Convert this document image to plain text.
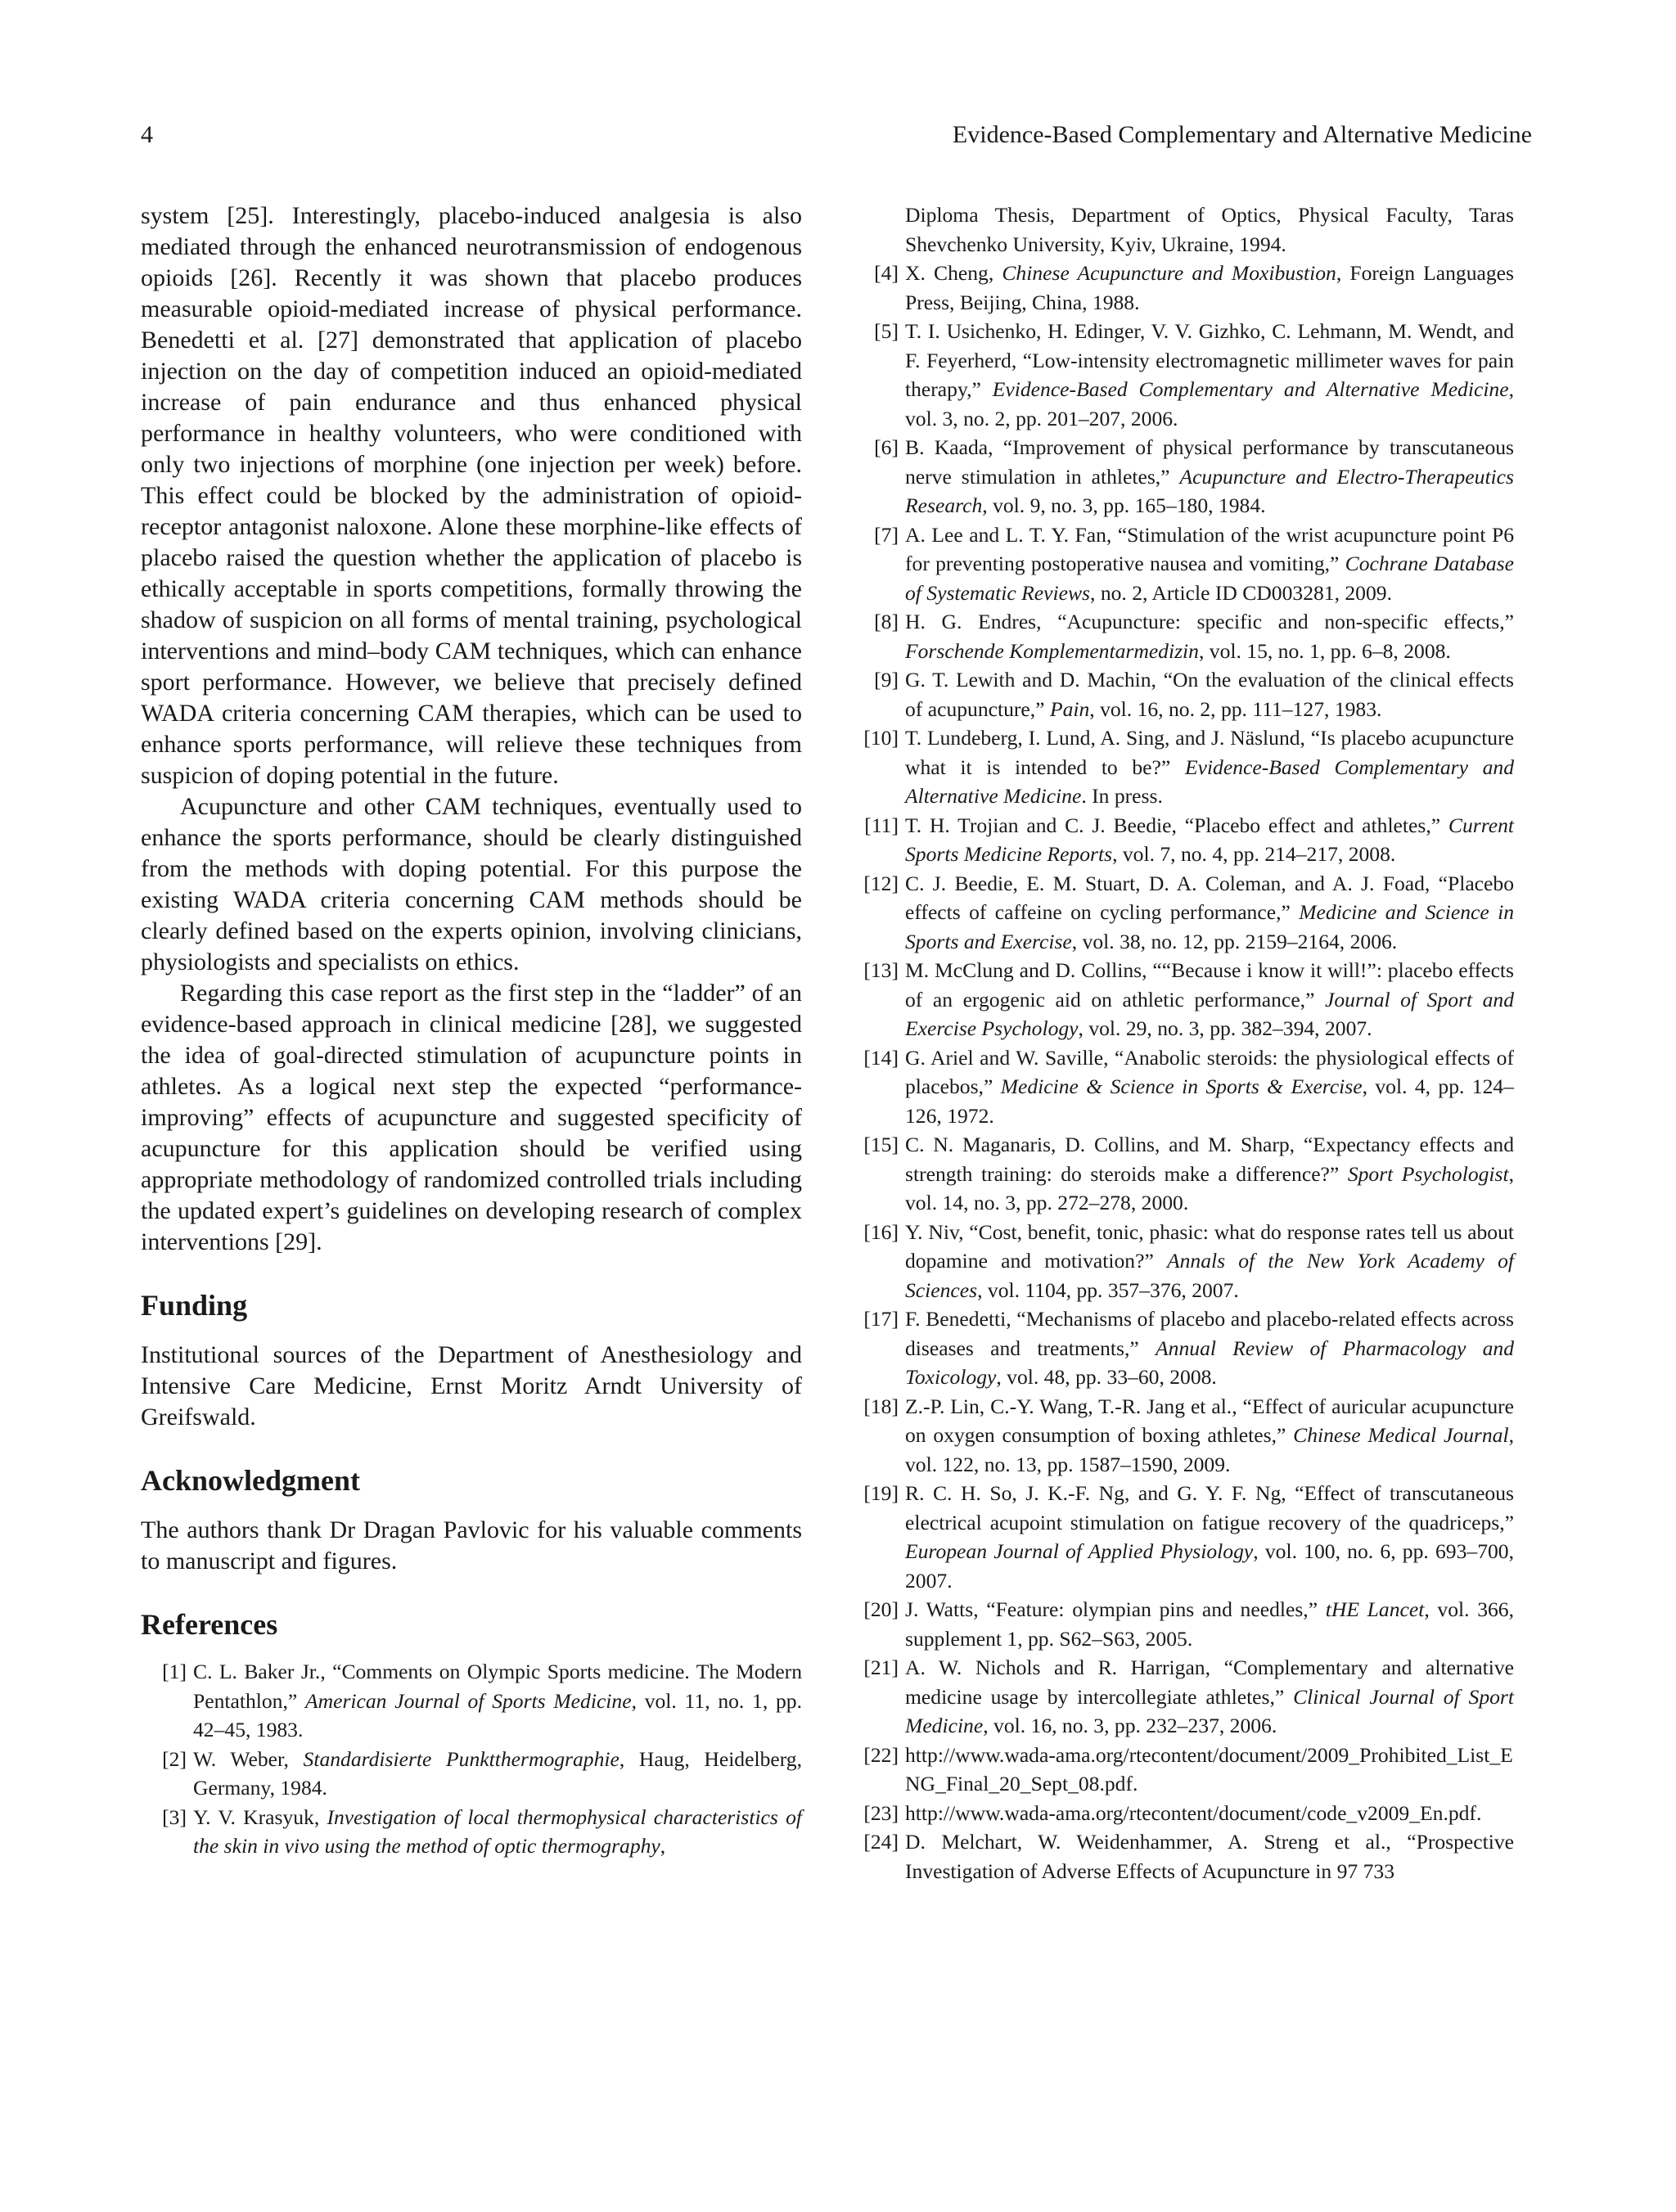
4	Evidence-Based Complementary and Alternative Medicine

system [25]. Interestingly, placebo-induced analgesia is also mediated through the enhanced neurotransmission of endogenous opioids [26]. Recently it was shown that placebo produces measurable opioid-mediated increase of physical performance. Benedetti et al. [27] demonstrated that application of placebo injection on the day of competition induced an opioid-mediated increase of pain endurance and thus enhanced physical performance in healthy volunteers, who were conditioned with only two injections of morphine (one injection per week) before. This effect could be blocked by the administration of opioid-receptor antagonist naloxone. Alone these morphine-like effects of placebo raised the question whether the application of placebo is ethically acceptable in sports competitions, formally throwing the shadow of suspicion on all forms of mental training, psychological interventions and mind–body CAM techniques, which can enhance sport performance. However, we believe that precisely defined WADA criteria concerning CAM therapies, which can be used to enhance sports performance, will relieve these techniques from suspicion of doping potential in the future.

Acupuncture and other CAM techniques, eventually used to enhance the sports performance, should be clearly distinguished from the methods with doping potential. For this purpose the existing WADA criteria concerning CAM methods should be clearly defined based on the experts opinion, involving clinicians, physiologists and specialists on ethics.

Regarding this case report as the first step in the “ladder” of an evidence-based approach in clinical medicine [28], we suggested the idea of goal-directed stimulation of acupuncture points in athletes. As a logical next step the expected “performance-improving” effects of acupuncture and suggested specificity of acupuncture for this application should be verified using appropriate methodology of randomized controlled trials including the updated expert’s guidelines on developing research of complex interventions [29].

Funding

Institutional sources of the Department of Anesthesiology and Intensive Care Medicine, Ernst Moritz Arndt University of Greifswald.

Acknowledgment

The authors thank Dr Dragan Pavlovic for his valuable comments to manuscript and figures.

References
[1] C. L. Baker Jr., “Comments on Olympic Sports medicine. The Modern Pentathlon,” American Journal of Sports Medicine, vol. 11, no. 1, pp. 42–45, 1983.
[2] W. Weber, Standardisierte Punktthermographie, Haug, Heidelberg, Germany, 1984.
[3] Y. V. Krasyuk, Investigation of local thermophysical characteristics of the skin in vivo using the method of optic thermography,
Diploma Thesis, Department of Optics, Physical Faculty, Taras Shevchenko University, Kyiv, Ukraine, 1994.
[4] X. Cheng, Chinese Acupuncture and Moxibustion, Foreign Languages Press, Beijing, China, 1988.
[5] T. I. Usichenko, H. Edinger, V. V. Gizhko, C. Lehmann, M. Wendt, and F. Feyerherd, “Low-intensity electromagnetic millimeter waves for pain therapy,” Evidence-Based Complementary and Alternative Medicine, vol. 3, no. 2, pp. 201–207, 2006.
[6] B. Kaada, “Improvement of physical performance by transcutaneous nerve stimulation in athletes,” Acupuncture and Electro-Therapeutics Research, vol. 9, no. 3, pp. 165–180, 1984.
[7] A. Lee and L. T. Y. Fan, “Stimulation of the wrist acupuncture point P6 for preventing postoperative nausea and vomiting,” Cochrane Database of Systematic Reviews, no. 2, Article ID CD003281, 2009.
[8] H. G. Endres, “Acupuncture: specific and non-specific effects,” Forschende Komplementarmedizin, vol. 15, no. 1, pp. 6–8, 2008.
[9] G. T. Lewith and D. Machin, “On the evaluation of the clinical effects of acupuncture,” Pain, vol. 16, no. 2, pp. 111–127, 1983.
[10] T. Lundeberg, I. Lund, A. Sing, and J. Näslund, “Is placebo acupuncture what it is intended to be?” Evidence-Based Complementary and Alternative Medicine. In press.
[11] T. H. Trojian and C. J. Beedie, “Placebo effect and athletes,” Current Sports Medicine Reports, vol. 7, no. 4, pp. 214–217, 2008.
[12] C. J. Beedie, E. M. Stuart, D. A. Coleman, and A. J. Foad, “Placebo effects of caffeine on cycling performance,” Medicine and Science in Sports and Exercise, vol. 38, no. 12, pp. 2159–2164, 2006.
[13] M. McClung and D. Collins, ““Because i know it will!”: placebo effects of an ergogenic aid on athletic performance,” Journal of Sport and Exercise Psychology, vol. 29, no. 3, pp. 382–394, 2007.
[14] G. Ariel and W. Saville, “Anabolic steroids: the physiological effects of placebos,” Medicine & Science in Sports & Exercise, vol. 4, pp. 124–126, 1972.
[15] C. N. Maganaris, D. Collins, and M. Sharp, “Expectancy effects and strength training: do steroids make a difference?” Sport Psychologist, vol. 14, no. 3, pp. 272–278, 2000.
[16] Y. Niv, “Cost, benefit, tonic, phasic: what do response rates tell us about dopamine and motivation?” Annals of the New York Academy of Sciences, vol. 1104, pp. 357–376, 2007.
[17] F. Benedetti, “Mechanisms of placebo and placebo-related effects across diseases and treatments,” Annual Review of Pharmacology and Toxicology, vol. 48, pp. 33–60, 2008.
[18] Z.-P. Lin, C.-Y. Wang, T.-R. Jang et al., “Effect of auricular acupuncture on oxygen consumption of boxing athletes,” Chinese Medical Journal, vol. 122, no. 13, pp. 1587–1590, 2009.
[19] R. C. H. So, J. K.-F. Ng, and G. Y. F. Ng, “Effect of transcutaneous electrical acupoint stimulation on fatigue recovery of the quadriceps,” European Journal of Applied Physiology, vol. 100, no. 6, pp. 693–700, 2007.
[20] J. Watts, “Feature: olympian pins and needles,” tHE Lancet, vol. 366, supplement 1, pp. S62–S63, 2005.
[21] A. W. Nichols and R. Harrigan, “Complementary and alternative medicine usage by intercollegiate athletes,” Clinical Journal of Sport Medicine, vol. 16, no. 3, pp. 232–237, 2006.
[22] http://www.wada-ama.org/rtecontent/document/2009_Prohibited_List_ENG_Final_20_Sept_08.pdf.
[23] http://www.wada-ama.org/rtecontent/document/code_v2009_En.pdf.
[24] D. Melchart, W. Weidenhammer, A. Streng et al., “Prospective Investigation of Adverse Effects of Acupuncture in 97 733
